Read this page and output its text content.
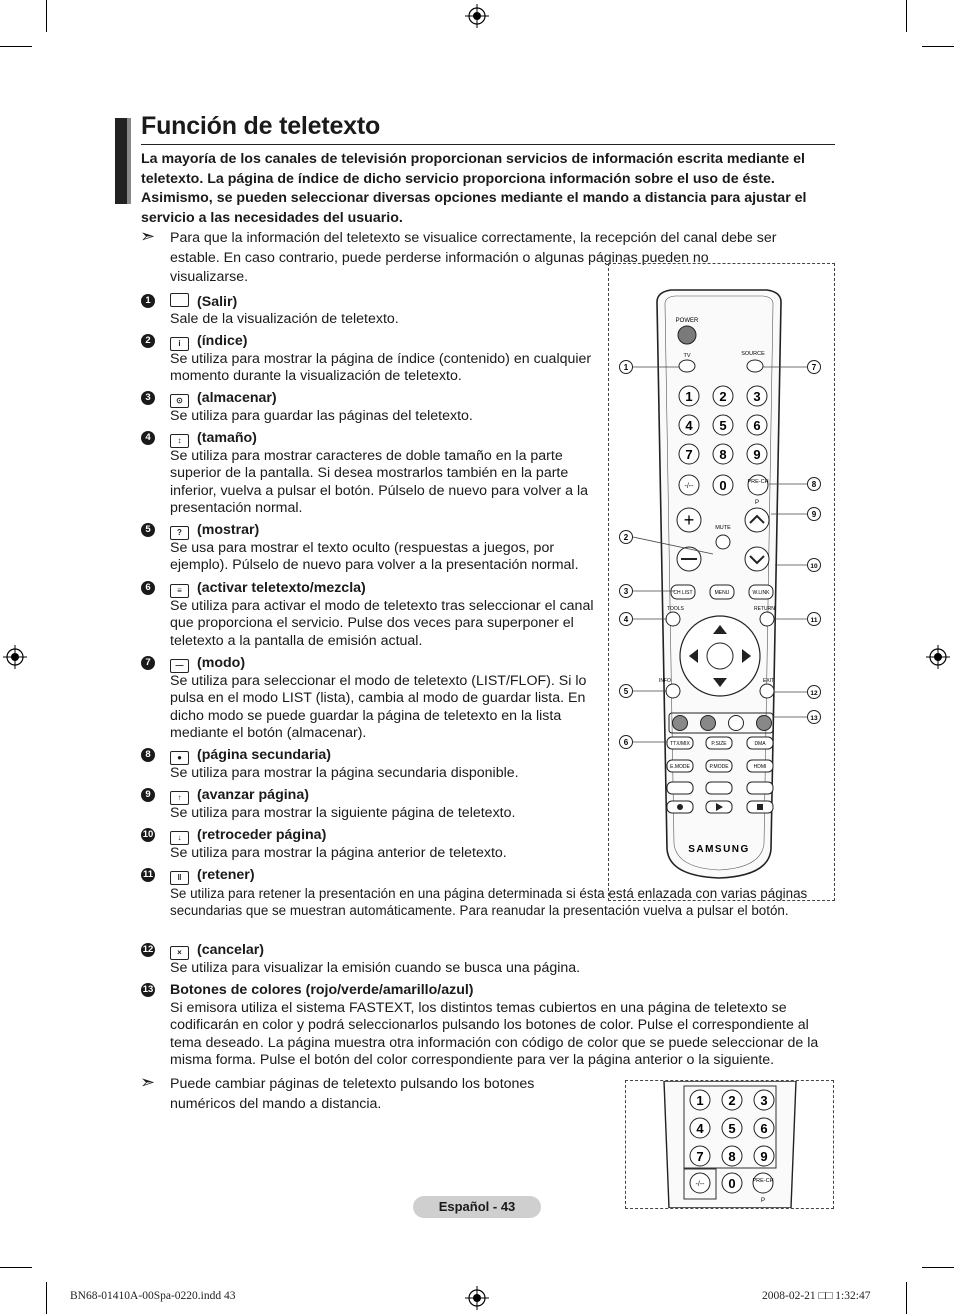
Función de teletexto
La mayoría de los canales de televisión proporcionan servicios de información escrita mediante el teletexto. La página de índice de dicho servicio proporciona información sobre el uso de éste. Asimismo, se pueden seleccionar diversas opciones mediante el mando a distancia para ajustar el servicio a las necesidades del usuario.
➣ Para que la información del teletexto se visualice correctamente, la recepción del canal debe ser estable. En caso contrario, puede perderse información o algunas páginas pueden no visualizarse.
1	(Salir)
Sale de la visualización de teletexto.
2	i (índice)
Se utiliza para mostrar la página de índice (contenido) en cualquier momento durante la visualización de teletexto.
3	⊙ (almacenar)
Se utiliza para guardar las páginas del teletexto.
4	↕ (tamaño)
Se utiliza para mostrar caracteres de doble tamaño en la parte superior de la pantalla. Si desea mostrarlos también en la parte inferior, vuelva a pulsar el botón. Púlselo de nuevo para volver a la presentación normal.
5	? (mostrar)
Se usa para mostrar el texto oculto (respuestas a juegos, por ejemplo). Púlselo de nuevo para volver a la presentación normal.
6	≡ (activar teletexto/mezcla)
Se utiliza para activar el modo de teletexto tras seleccionar el canal que proporciona el servicio. Pulse dos veces para superponer el teletexto a la pantalla de emisión actual.
7	— (modo)
Se utiliza para seleccionar el modo de teletexto (LIST/FLOF). Si lo pulsa en el modo LIST (lista), cambia al modo de guardar lista. En dicho modo se puede guardar la página de teletexto en la lista mediante el botón (almacenar).
8	● (página secundaria)
Se utiliza para mostrar la página secundaria disponible.
9	↑ (avanzar página)
Se utiliza para mostrar la siguiente página de teletexto.
10	↓ (retroceder página)
Se utiliza para mostrar la página anterior de teletexto.
11	‖ (retener)
Se utiliza para retener la presentación en una página determinada si ésta está enlazada con varias páginas secundarias que se muestran automáticamente. Para reanudar la presentación vuelva a pulsar el botón.
12	× (cancelar)
Se utiliza para visualizar la emisión cuando se busca una página.
13 Botones de colores (rojo/verde/amarillo/azul)
Si emisora utiliza el sistema FASTEXT, los distintos temas cubiertos en una página de teletexto se codificarán en color y podrá seleccionarlos pulsando los botones de color. Pulse el correspondiente al tema deseado. La página muestra otra información con código de color que se puede seleccionar de la misma forma. Pulse el botón del color correspondiente para ver la página anterior o la siguiente.
➣ Puede cambiar páginas de teletexto pulsando los botones numéricos del mando a distancia.
POWER
TV	SOURCE
1 2 3
4 5 6
7 8 9
-/-- 0	PRE-CH
P
+	MUTE
CH LIST	MENU	W.LINK
TOOLS	RETURN
INFO	EXIT
TTX/MIX	P.SIZE	DMA
E.MODE	P.MODE	HDMI
SAMSUNG
1
2
3
4
5
6
7
8
9
10
11
12
13
1 2 3
4 5 6
7 8 9
-/-- 0	PRE-CH
P
Español - 43
BN68-01410A-00Spa-0220.indd 43	2008-02-21 □□ 1:32:47
